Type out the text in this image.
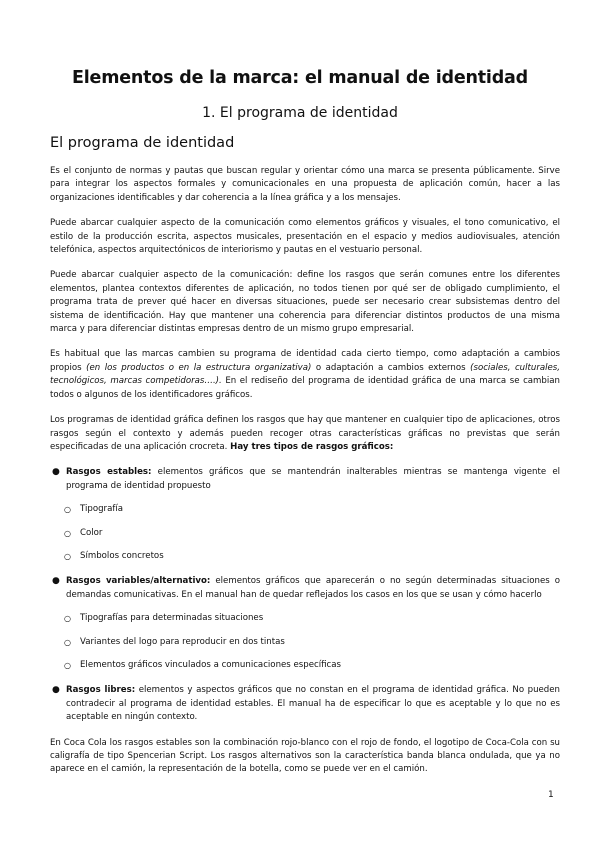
Elementos de la marca: el manual de identidad
1. El programa de identidad
El programa de identidad

Es el conjunto de normas y pautas que buscan regular y orientar cómo una marca se presenta públicamente. Sirve para integrar los aspectos formales y comunicacionales en una propuesta de aplicación común, hacer a las organizaciones identificables y dar coherencia a la línea gráfica y a los mensajes.

Puede abarcar cualquier aspecto de la comunicación como elementos gráficos y visuales, el tono comunicativo, el estilo de la producción escrita, aspectos musicales, presentación en el espacio y medios audiovisuales, atención telefónica, aspectos arquitectónicos de interiorismo y pautas en el vestuario personal.

Puede abarcar cualquier aspecto de la comunicación: define los rasgos que serán comunes entre los diferentes elementos, plantea contextos diferentes de aplicación, no todos tienen por qué ser de obligado cumplimiento, el programa trata de prever qué hacer en diversas situaciones, puede ser necesario crear subsistemas dentro del sistema de identificación. Hay que mantener una coherencia para diferenciar distintos productos de una misma marca y para diferenciar distintas empresas dentro de un mismo grupo empresarial.

Es habitual que las marcas cambien su programa de identidad cada cierto tiempo, como adaptación a cambios propios (en los productos o en la estructura organizativa) o adaptación a cambios externos (sociales, culturales, tecnológicos, marcas competidoras….). En el rediseño del programa de identidad gráfica de una marca se cambian todos o algunos de los identificadores gráficos.

Los programas de identidad gráfica definen los rasgos que hay que mantener en cualquier tipo de aplicaciones, otros rasgos según el contexto y además pueden recoger otras características gráficas no previstas que serán especificadas de una aplicación crocreta. Hay tres tipos de rasgos gráficos:

● Rasgos estables: elementos gráficos que se mantendrán inalterables mientras se mantenga vigente el programa de identidad propuesto
○	Tipografía
○	Color
○	Símbolos concretos
● Rasgos variables/alternativo: elementos gráficos que aparecerán o no según determinadas situaciones o demandas comunicativas. En el manual han de quedar reflejados los casos en los que se usan y cómo hacerlo
○	Tipografías para determinadas situaciones
○	Variantes del logo para reproducir en dos tintas
○	Elementos gráficos vinculados a comunicaciones específicas
● Rasgos libres: elementos y aspectos gráficos que no constan en el programa de identidad gráfica. No pueden contradecir al programa de identidad estables. El manual ha de especificar lo que es aceptable y lo que no es aceptable en ningún contexto.

En Coca Cola los rasgos estables son la combinación rojo-blanco con el rojo de fondo, el logotipo de Coca-Cola con su caligrafía de tipo Spencerian Script. Los rasgos alternativos son la característica banda blanca ondulada, que ya no aparece en el camión, la representación de la botella, como se puede ver en el camión.

1
